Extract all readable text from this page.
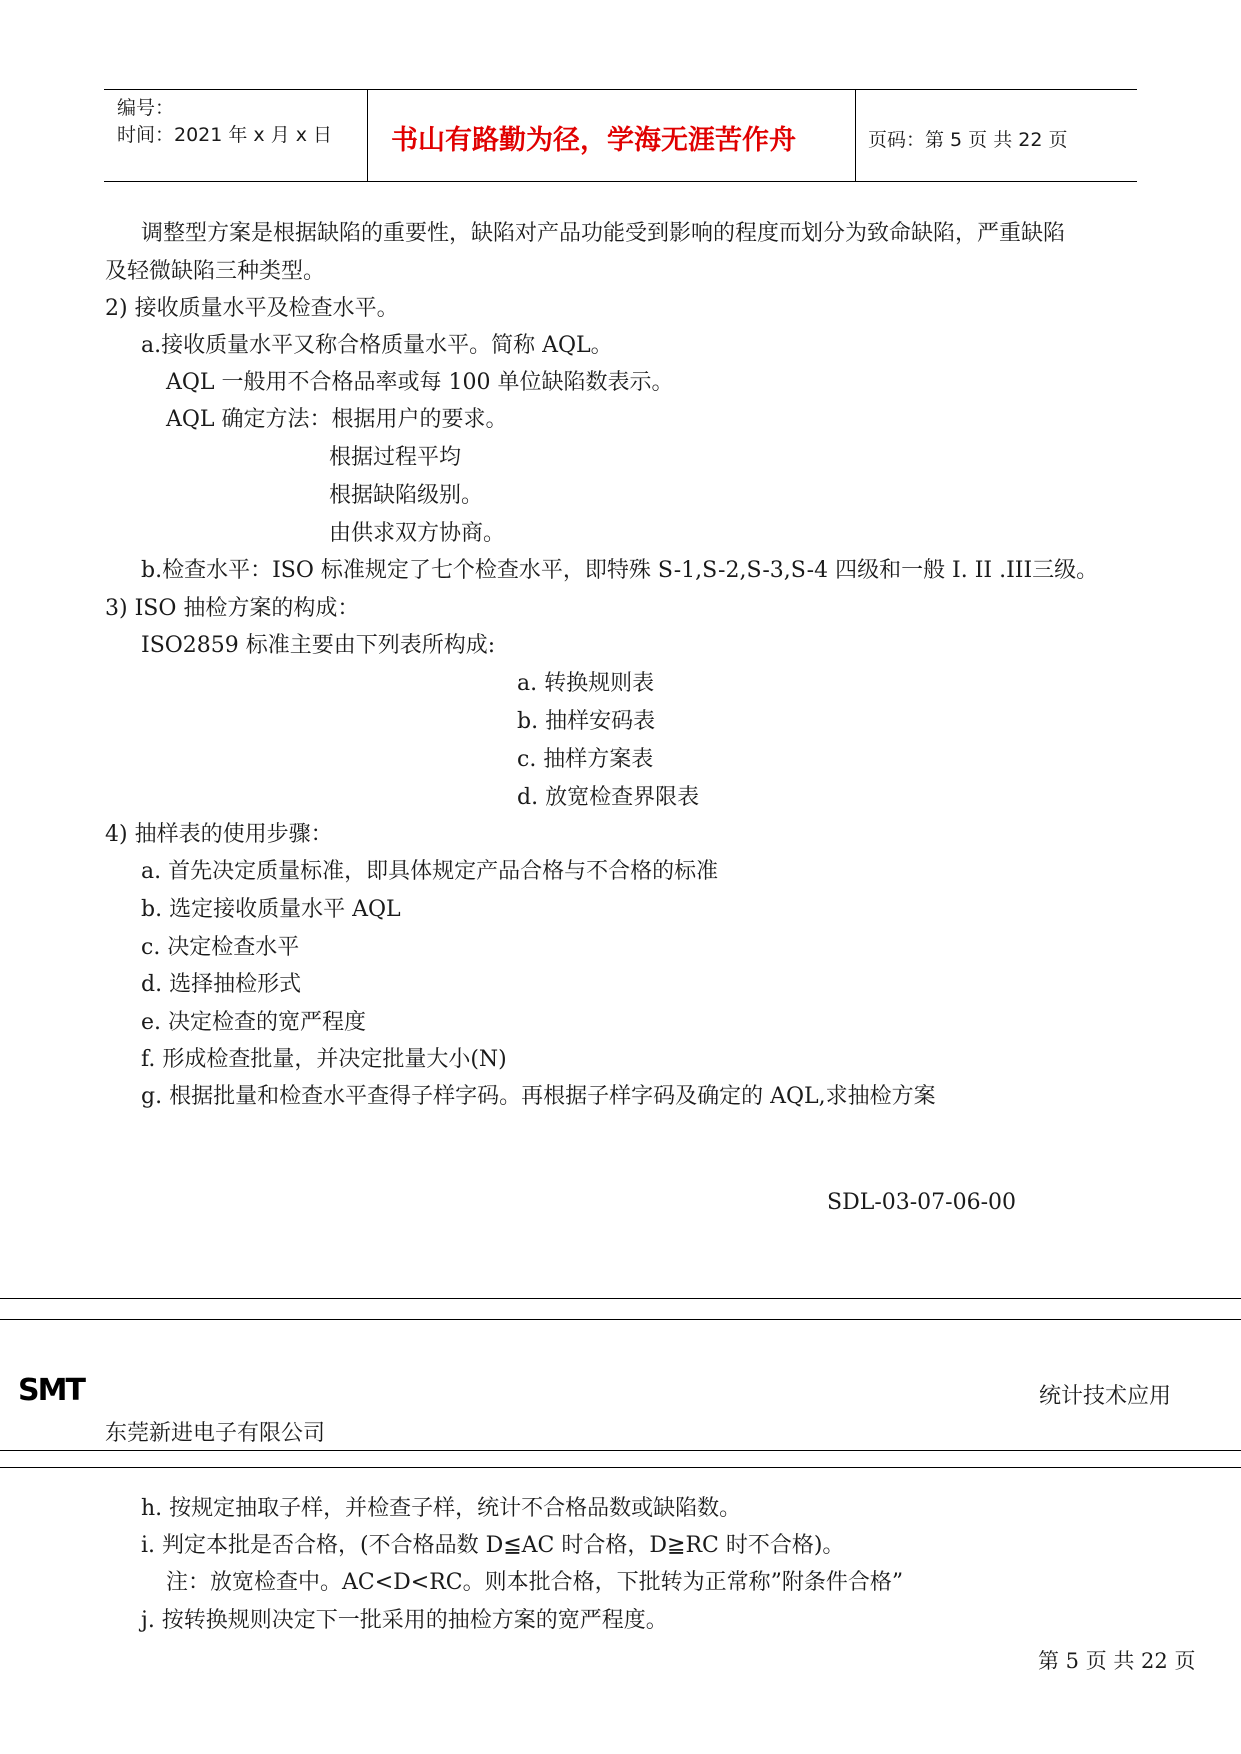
编号：
时间：2021 年 x 月 x 日 书山有路勤为径，学海无涯苦作舟	页码：第 5 页 共 22 页
调整型方案是根据缺陷的重要性，缺陷对产品功能受到影响的程度而划分为致命缺陷，严重缺陷
及轻微缺陷三种类型。
2) 接收质量水平及检查水平。
a.接收质量水平又称合格质量水平。简称 AQL。
AQL 一般用不合格品率或每 100 单位缺陷数表示。
AQL 确定方法：根据用户的要求。
根据过程平均
根据缺陷级别。
由供求双方协商。
b.检查水平：ISO 标准规定了七个检查水平，即特殊 S-1,S-2,S-3,S-4 四级和一般 I. II .III三级。
3) ISO 抽检方案的构成：
ISO2859 标准主要由下列表所构成:
a. 转换规则表
b. 抽样安码表
c. 抽样方案表
d. 放宽检查界限表
4) 抽样表的使用步骤：
a. 首先决定质量标准，即具体规定产品合格与不合格的标准
b. 选定接收质量水平 AQL
c. 决定检查水平
d. 选择抽检形式
e. 决定检查的宽严程度
f. 形成检查批量，并决定批量大小(N)
g. 根据批量和检查水平查得子样字码。再根据子样字码及确定的 AQL,求抽检方案
SDL-03-07-06-00
SMT	统计技术应用
东莞新进电子有限公司
h. 按规定抽取子样，并检查子样，统计不合格品数或缺陷数。
i. 判定本批是否合格，(不合格品数 D≦AC 时合格，D≧RC 时不合格)。
注：放宽检查中。AC<D<RC。则本批合格，下批转为正常称”附条件合格”
j. 按转换规则决定下一批采用的抽检方案的宽严程度。
第 5 页 共 22 页
